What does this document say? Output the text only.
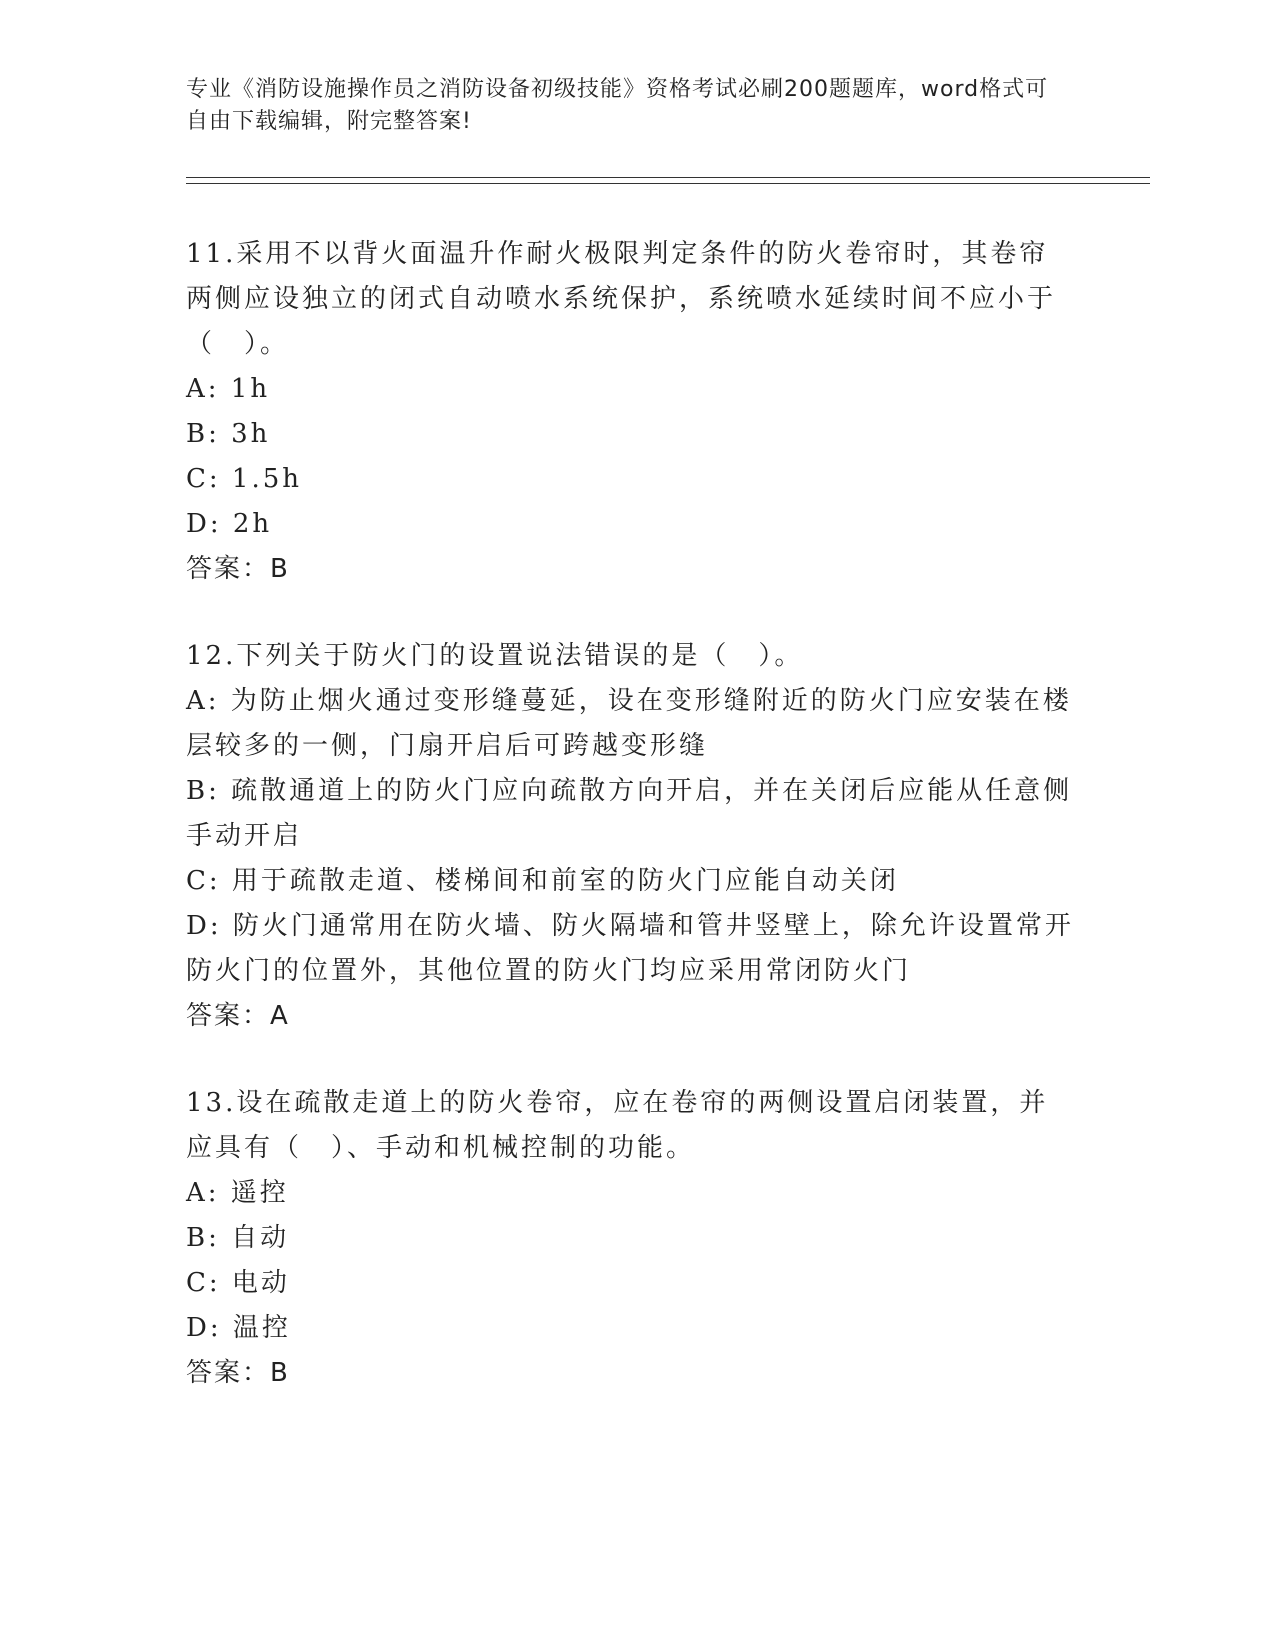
专业《消防设施操作员之消防设备初级技能》资格考试必刷200题题库，word格式可自由下载编辑，附完整答案!
11.采用不以背火面温升作耐火极限判定条件的防火卷帘时，其卷帘两侧应设独立的闭式自动喷水系统保护，系统喷水延续时间不应小于（　）。
A: 1h
B: 3h
C: 1.5h
D: 2h
答案：B
12.下列关于防火门的设置说法错误的是（　）。
A: 为防止烟火通过变形缝蔓延，设在变形缝附近的防火门应安装在楼层较多的一侧，门扇开启后可跨越变形缝
B: 疏散通道上的防火门应向疏散方向开启，并在关闭后应能从任意侧手动开启
C: 用于疏散走道、楼梯间和前室的防火门应能自动关闭
D: 防火门通常用在防火墙、防火隔墙和管井竖壁上，除允许设置常开防火门的位置外，其他位置的防火门均应采用常闭防火门
答案：A
13.设在疏散走道上的防火卷帘，应在卷帘的两侧设置启闭装置，并应具有（　）、手动和机械控制的功能。
A: 遥控
B: 自动
C: 电动
D: 温控
答案：B
